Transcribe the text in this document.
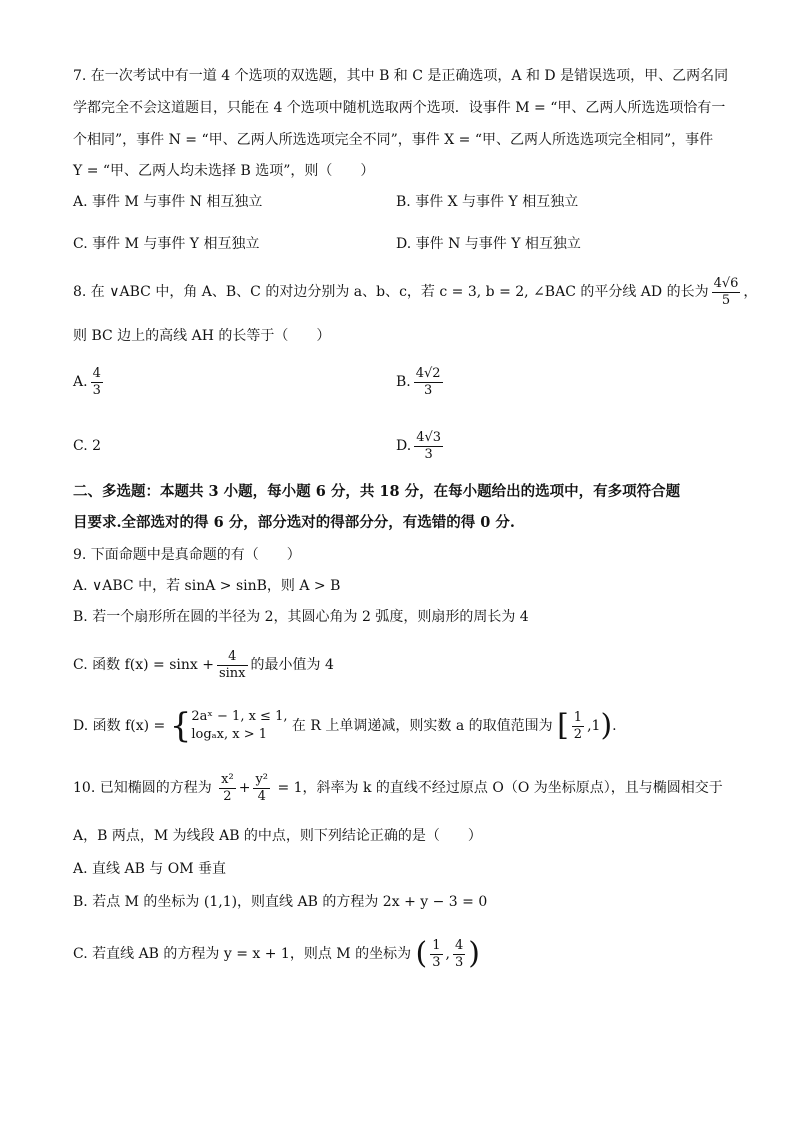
7. 在一次考试中有一道 4 个选项的双选题，其中 B 和 C 是正确选项，A 和 D 是错误选项，甲、乙两名同
学都完全不会这道题目，只能在 4 个选项中随机选取两个选项．设事件 M = “甲、乙两人所选选项恰有一
个相同”，事件 N = “甲、乙两人所选选项完全不同”，事件 X = “甲、乙两人所选选项完全相同”，事件
Y = “甲、乙两人均未选择 B 选项”，则（　　）
A. 事件 M 与事件 N 相互独立	B. 事件 X 与事件 Y 相互独立
C. 事件 M 与事件 Y 相互独立	D. 事件 N 与事件 Y 相互独立
8. 在 ∨ABC 中，角 A、B、C 的对边分别为 a、b、c，若 c = 3, b = 2, ∠BAC 的平分线 AD 的长为 $\frac{4√6}{5}$ ，
则 BC 边上的高线 AH 的长等于（　　）
A. $\frac{4}{3}$	B. $\frac{4√2}{3}$
C. 2	D. $\frac{4√3}{3}$
二、多选题：本题共 3 小题，每小题 6 分，共 18 分，在每小题给出的选项中，有多项符合题
目要求.全部选对的得 6 分，部分选对的得部分分，有选错的得 0 分.
9. 下面命题中是真命题的有（　　）
A. ∨ABC 中，若 sinA > sinB，则 A > B
B. 若一个扇形所在圆的半径为 2，其圆心角为 2 弧度，则扇形的周长为 4
C. 函数 $f(x) = \sin x + \frac{4}{\sin x}$ 的最小值为 4
D. 函数 f(x) = { 2aˣ − 1, x ≤ 1,
logₐx, x > 1
在 R 上单调递减，则实数 a 的取值范围为 [ $\frac{1}{2} ,1$).
10. 已知椭圆的方程为 $\frac{\text{x²}}{2} + \frac{\text{y²}}{4} = 1$，斜率为 k 的直线不经过原点 O（O 为坐标原点），且与椭圆相交于
A，B 两点，M 为线段 AB 的中点，则下列结论正确的是（　　）
A. 直线 AB 与 OM 垂直
B. 若点 M 的坐标为 (1,1)，则直线 AB 的方程为 2x + y − 3 = 0
C. 若直线 AB 的方程为 y = x + 1，则点 M 的坐标为 ( $\frac{1}{3}$ , $\frac{4}{3}$ )
